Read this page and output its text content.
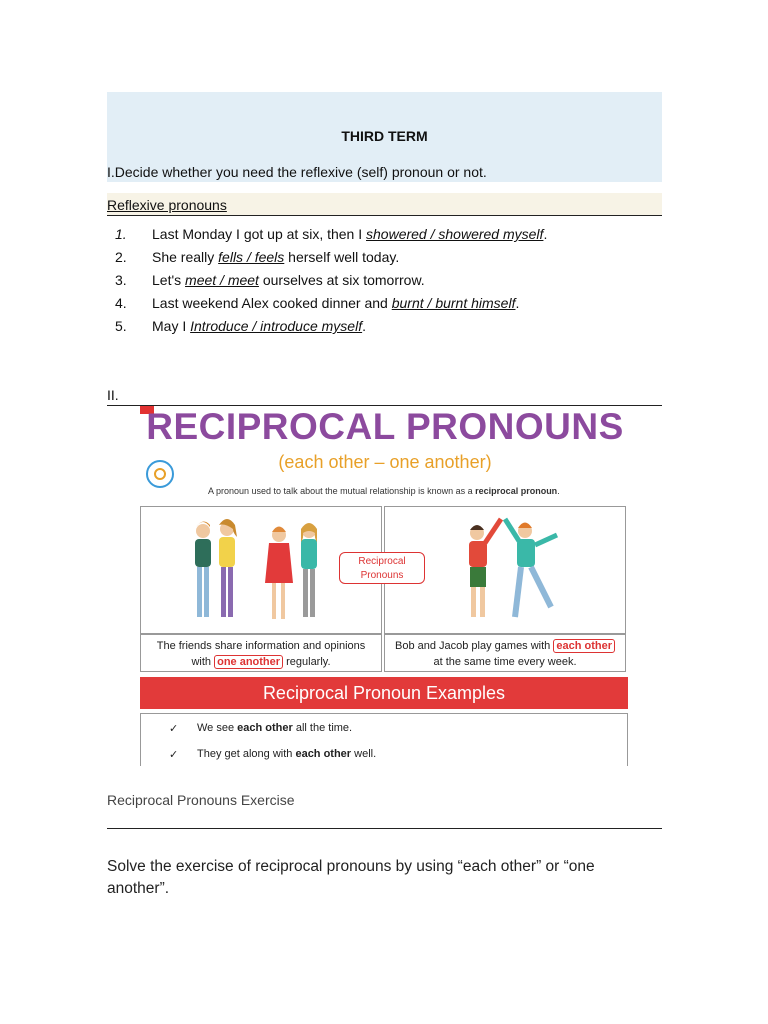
THIRD TERM
I.Decide whether you need the reflexive (self) pronoun or not.
Reflexive pronouns
1.	Last Monday I got up at six, then I showered / showered myself.
2.	She really fells / feels herself well today.
3.	Let's meet / meet ourselves at six tomorrow.
4.	Last weekend Alex cooked dinner and burnt / burnt himself.
5.	May I Introduce / introduce myself.
II.
RECIPROCAL PRONOUNS
(each other – one another)
A pronoun used to talk about the mutual relationship is known as a reciprocal pronoun.
Reciprocal
Pronouns
The friends share information and opinions
with one another regularly.
Bob and Jacob play games with each other
at the same time every week.
Reciprocal Pronoun Examples
✓ We see each other all the time.
✓ They get along with each other well.
Reciprocal Pronouns Exercise
Solve the exercise of reciprocal pronouns by using “each other” or “one another”.
